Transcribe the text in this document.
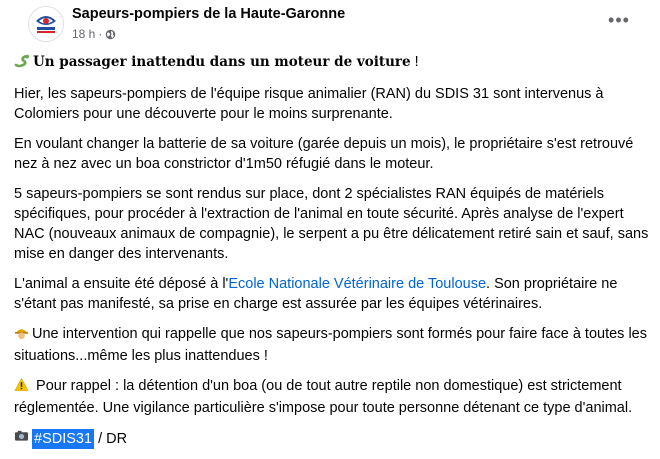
Sapeurs-pompiers de la Haute-Garonne
18 h ·
•••

Un passager inattendu dans un moteur de voiture !

Hier, les sapeurs-pompiers de l'équipe risque animalier (RAN) du SDIS 31 sont intervenus à Colomiers pour une découverte pour le moins surprenante.

En voulant changer la batterie de sa voiture (garée depuis un mois), le propriétaire s'est retrouvé nez à nez avec un boa constrictor d'1m50 réfugié dans le moteur.

5 sapeurs-pompiers se sont rendus sur place, dont 2 spécialistes RAN équipés de matériels spécifiques, pour procéder à l'extraction de l'animal en toute sécurité. Après analyse de l'expert NAC (nouveaux animaux de compagnie), le serpent a pu être délicatement retiré sain et sauf, sans mise en danger des intervenants.

L'animal a ensuite été déposé à l'Ecole Nationale Vétérinaire de Toulouse. Son propriétaire ne s'étant pas manifesté, sa prise en charge est assurée par les équipes vétérinaires.

Une intervention qui rappelle que nos sapeurs-pompiers sont formés pour faire face à toutes les situations...même les plus inattendues !

Pour rappel : la détention d'un boa (ou de tout autre reptile non domestique) est strictement réglementée. Une vigilance particulière s'impose pour toute personne détenant ce type d'animal.

#SDIS31 / DR
